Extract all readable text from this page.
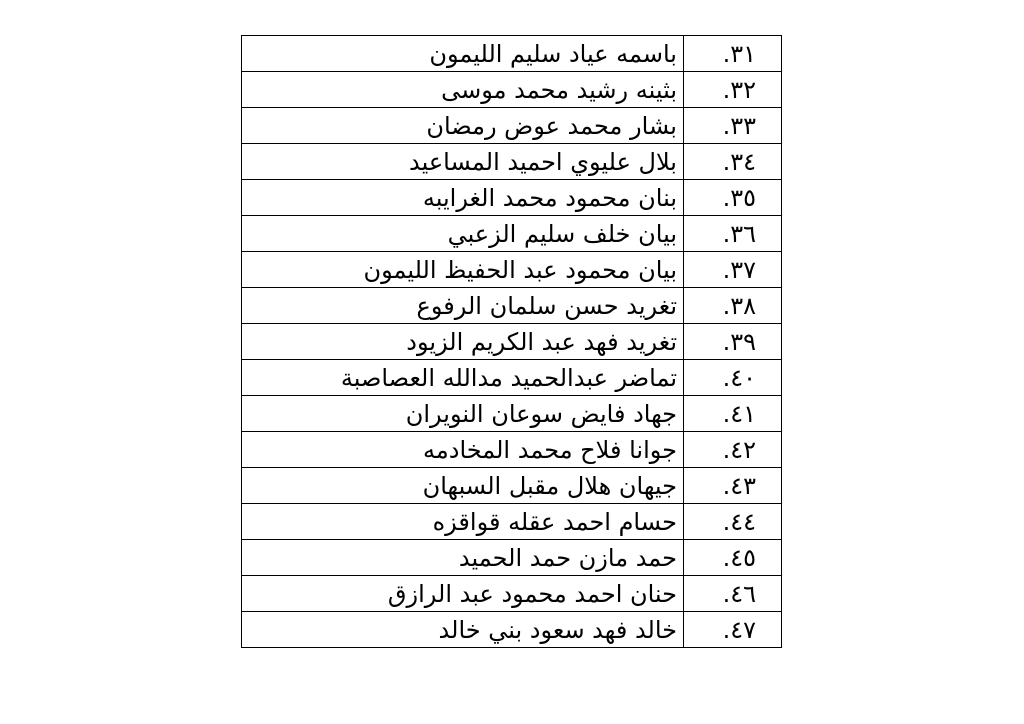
٣١.	باسمه عياد سليم الليمون
٣٢.	بثينه رشيد محمد موسى
٣٣.	بشار محمد عوض رمضان
٣٤.	بلال عليوي احميد المساعيد
٣٥.	بنان محمود محمد الغرايبه
٣٦.	بيان خلف سليم الزعبي
٣٧.	بيان محمود عبد الحفيظ الليمون
٣٨.	تغريد حسن سلمان الرفوع
٣٩.	تغريد فهد عبد الكريم الزيود
٤٠.	تماضر عبدالحميد مدالله العصاصبة
٤١.	جهاد فايض سوعان النويران
٤٢.	جوانا فلاح محمد المخادمه
٤٣.	جيهان هلال مقبل السبهان
٤٤.	حسام احمد عقله قواقزه
٤٥.	حمد مازن حمد الحميد
٤٦.	حنان احمد محمود عبد الرازق
٤٧.	خالد فهد سعود بني خالد
